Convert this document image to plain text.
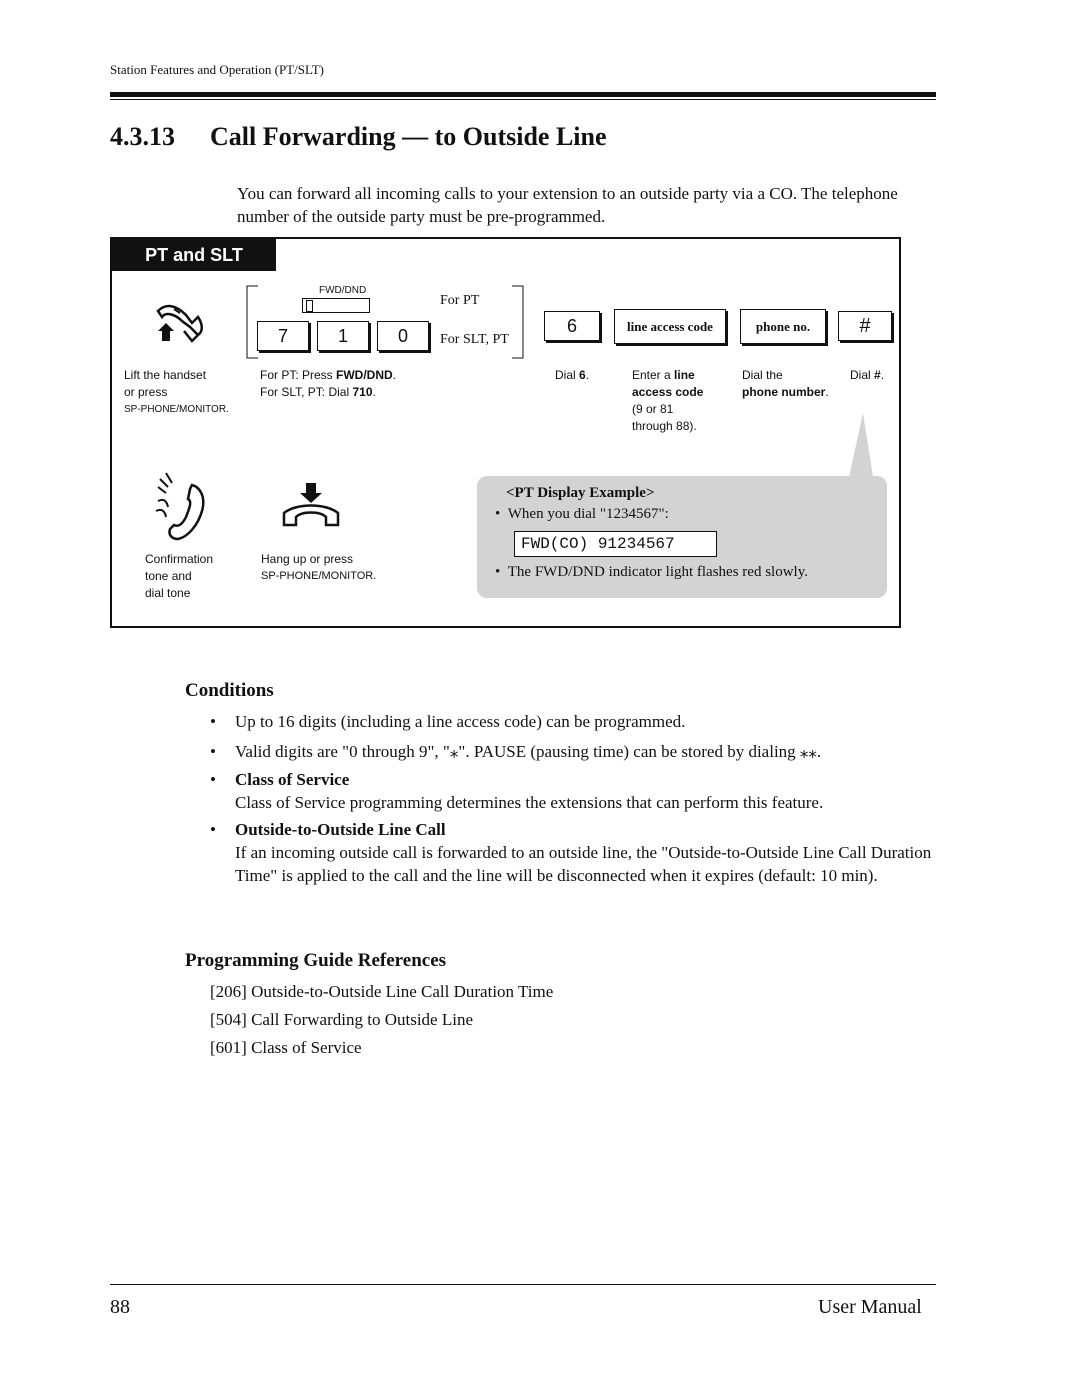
Station Features and Operation (PT/SLT)
4.3.13 Call Forwarding — to Outside Line

You can forward all incoming calls to your extension to an outside party via a CO. The telephone number of the outside party must be pre-programmed.

PT and SLT
FWD/DND
For PT
7	1	0	For SLT, PT
6	line access code	phone no.	#
Lift the handset
or press
SP-PHONE/MONITOR.
For PT: Press FWD/DND.
For SLT, PT: Dial 710.
Dial 6.	Enter a line
access code
(9 or 81
through 88).
Dial the
phone number.
Dial #.
Confirmation
tone and
dial tone
Hang up or press
SP-PHONE/MONITOR.
<PT Display Example>
•  When you dial "1234567":
•  The FWD/DND indicator light flashes red slowly.
FWD(CO) 91234567
Conditions
• Up to 16 digits (including a line access code) can be programmed.

• Valid digits are "0 through 9", "⁎". PAUSE (pausing time) can be stored by dialing ⁎⁎.

• Class of Service

Class of Service programming determines the extensions that can perform this feature.

• Outside-to-Outside Line Call

If an incoming outside call is forwarded to an outside line, the "Outside-to-Outside Line Call Duration Time" is applied to the call and the line will be disconnected when it expires (default: 10 min).

Programming Guide References

[206] Outside-to-Outside Line Call Duration Time

[504] Call Forwarding to Outside Line

[601] Class of Service

88	User Manual
